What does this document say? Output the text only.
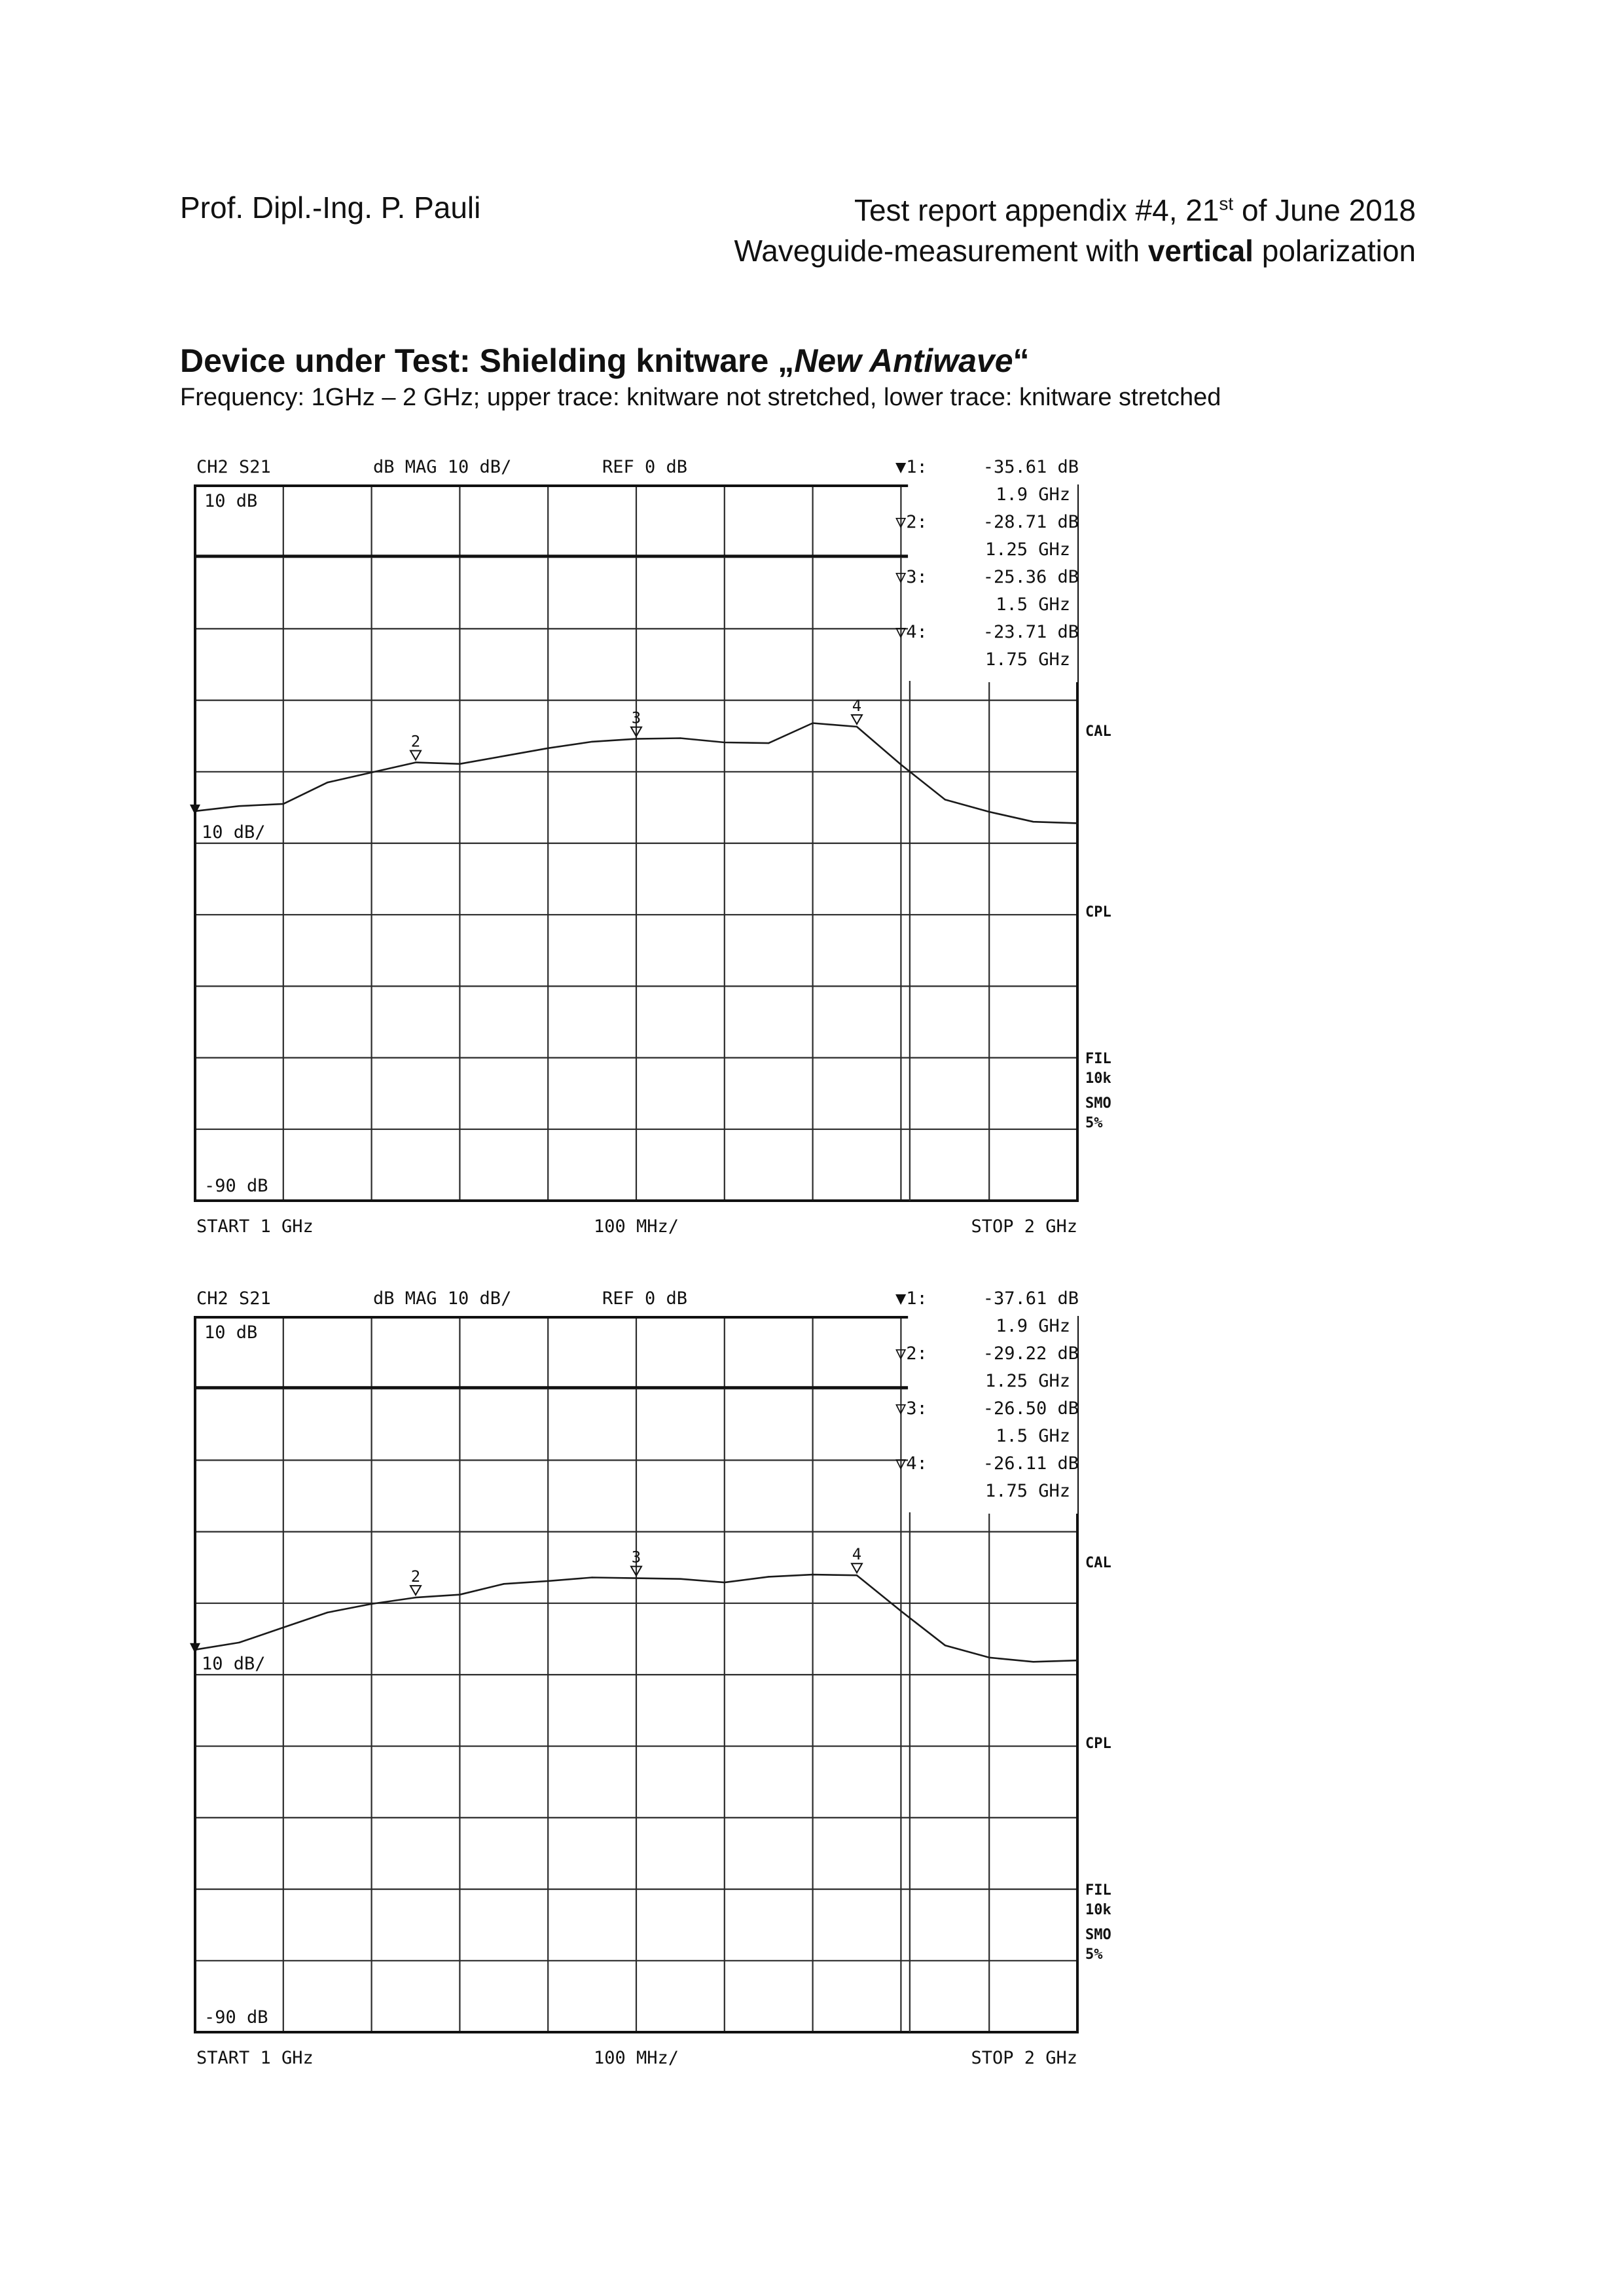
Prof. Dipl.-Ing. P. Pauli	Test report appendix #4, 21st of June 2018
Waveguide-measurement with vertical polarization
Device under Test: Shielding knitware „New Antiwave“
Frequency: 1GHz – 2 GHz; upper trace: knitware not stretched, lower trace: knitware stretched
2
3
4
CH2 S21	dB MAG 10 dB/	REF 0 dB	▼1:	-35.61 dB
1.9 GHz
▽2:	-28.71 dB
1.25 GHz
▽3:	-25.36 dB
1.5 GHz
▽4:	-23.71 dB
1.75 GHz
10 dB
10 dB/
-90 dB
START 1 GHz	100 MHz/	STOP 2 GHz
CAL
CPL
FIL
10k
SMO
5%
2
3	4
CH2 S21	dB MAG 10 dB/	REF 0 dB	▼1:	-37.61 dB
1.9 GHz
▽2:	-29.22 dB
1.25 GHz
▽3:	-26.50 dB
1.5 GHz
▽4:	-26.11 dB
1.75 GHz
10 dB
10 dB/
-90 dB
START 1 GHz	100 MHz/	STOP 2 GHz
CAL
CPL
FIL
10k
SMO
5%
